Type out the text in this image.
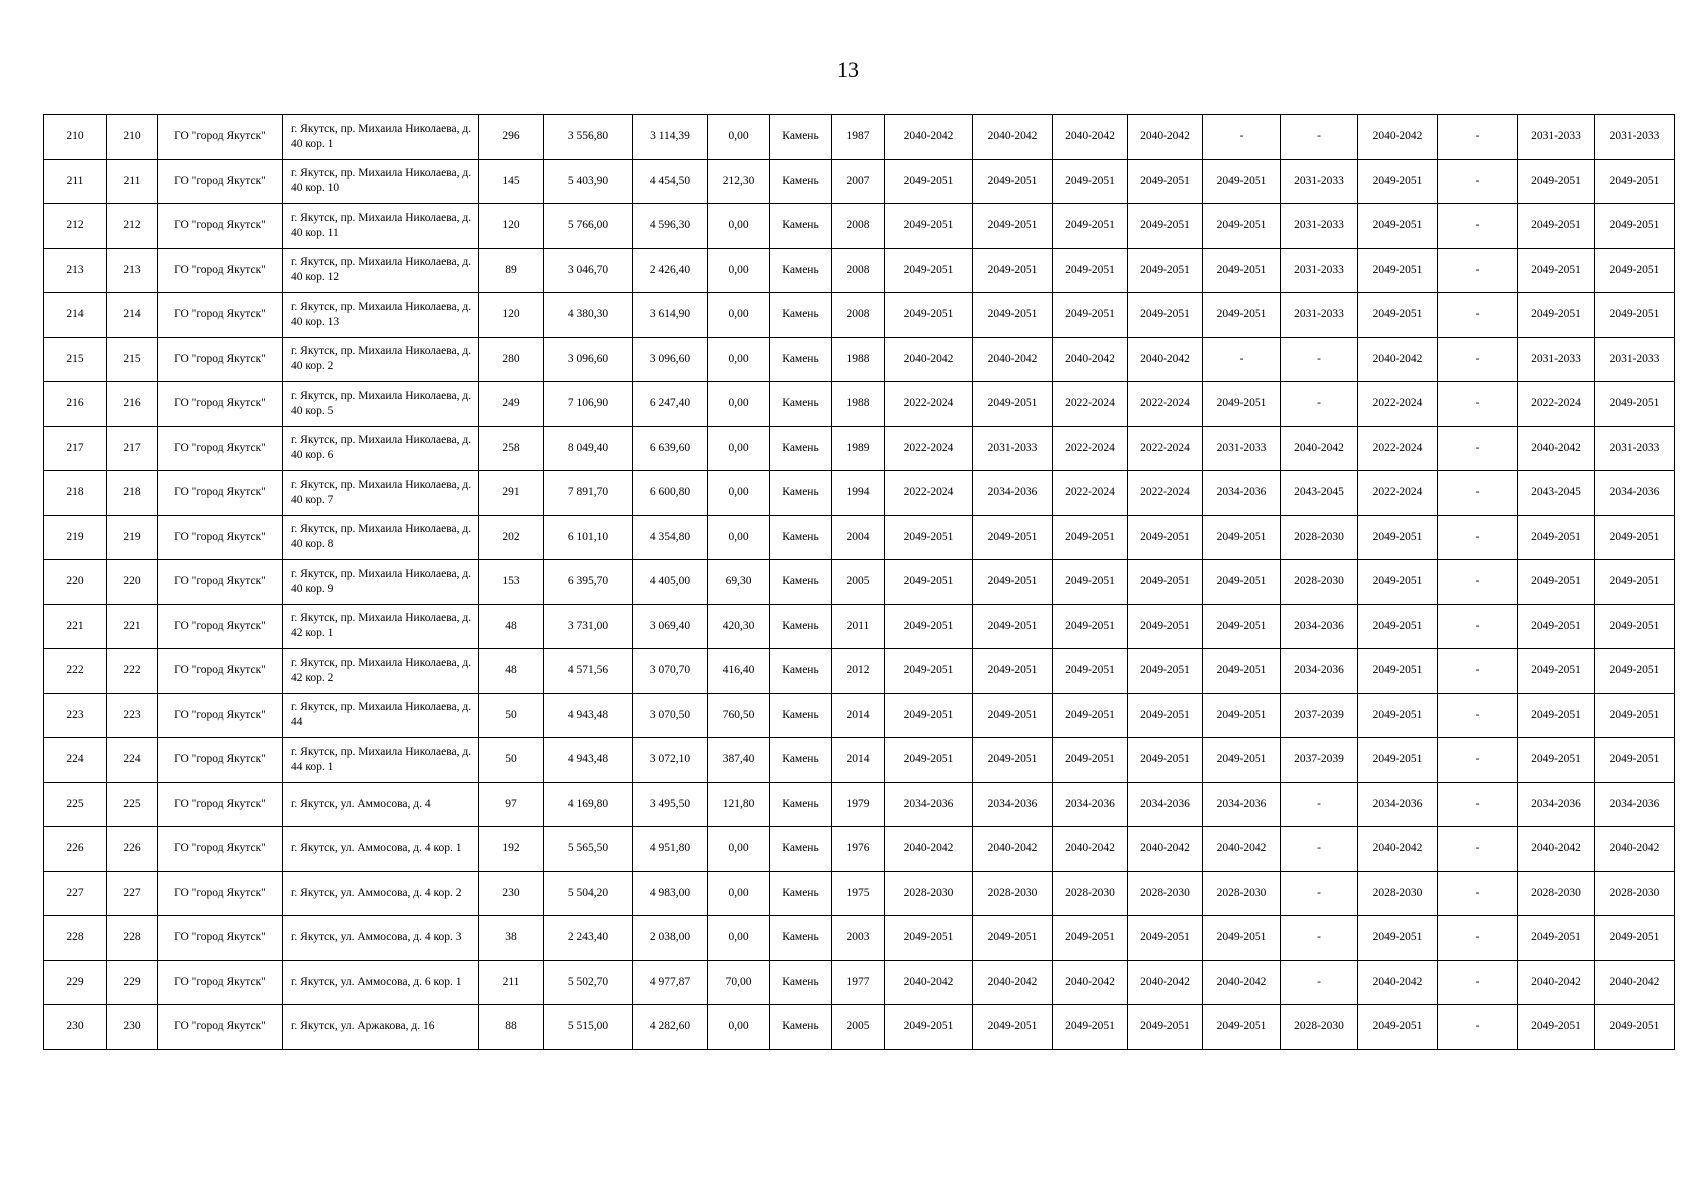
13
210	210	ГО "город Якутск"	г. Якутск, пр. Михаила Николаева, д. 40 кор. 1	296	3 556,80	3 114,39	0,00	Камень	1987	2040-2042	2040-2042	2040-2042	2040-2042	-	-	2040-2042	-	2031-2033	2031-2033
211	211	ГО "город Якутск"	г. Якутск, пр. Михаила Николаева, д. 40 кор. 10	145	5 403,90	4 454,50	212,30	Камень	2007	2049-2051	2049-2051	2049-2051	2049-2051	2049-2051	2031-2033	2049-2051	-	2049-2051	2049-2051
212	212	ГО "город Якутск"	г. Якутск, пр. Михаила Николаева, д. 40 кор. 11	120	5 766,00	4 596,30	0,00	Камень	2008	2049-2051	2049-2051	2049-2051	2049-2051	2049-2051	2031-2033	2049-2051	-	2049-2051	2049-2051
213	213	ГО "город Якутск"	г. Якутск, пр. Михаила Николаева, д. 40 кор. 12	89	3 046,70	2 426,40	0,00	Камень	2008	2049-2051	2049-2051	2049-2051	2049-2051	2049-2051	2031-2033	2049-2051	-	2049-2051	2049-2051
214	214	ГО "город Якутск"	г. Якутск, пр. Михаила Николаева, д. 40 кор. 13	120	4 380,30	3 614,90	0,00	Камень	2008	2049-2051	2049-2051	2049-2051	2049-2051	2049-2051	2031-2033	2049-2051	-	2049-2051	2049-2051
215	215	ГО "город Якутск"	г. Якутск, пр. Михаила Николаева, д. 40 кор. 2	280	3 096,60	3 096,60	0,00	Камень	1988	2040-2042	2040-2042	2040-2042	2040-2042	-	-	2040-2042	-	2031-2033	2031-2033
216	216	ГО "город Якутск"	г. Якутск, пр. Михаила Николаева, д. 40 кор. 5	249	7 106,90	6 247,40	0,00	Камень	1988	2022-2024	2049-2051	2022-2024	2022-2024	2049-2051	-	2022-2024	-	2022-2024	2049-2051
217	217	ГО "город Якутск"	г. Якутск, пр. Михаила Николаева, д. 40 кор. 6	258	8 049,40	6 639,60	0,00	Камень	1989	2022-2024	2031-2033	2022-2024	2022-2024	2031-2033	2040-2042	2022-2024	-	2040-2042	2031-2033
218	218	ГО "город Якутск"	г. Якутск, пр. Михаила Николаева, д. 40 кор. 7	291	7 891,70	6 600,80	0,00	Камень	1994	2022-2024	2034-2036	2022-2024	2022-2024	2034-2036	2043-2045	2022-2024	-	2043-2045	2034-2036
219	219	ГО "город Якутск"	г. Якутск, пр. Михаила Николаева, д. 40 кор. 8	202	6 101,10	4 354,80	0,00	Камень	2004	2049-2051	2049-2051	2049-2051	2049-2051	2049-2051	2028-2030	2049-2051	-	2049-2051	2049-2051
220	220	ГО "город Якутск"	г. Якутск, пр. Михаила Николаева, д. 40 кор. 9	153	6 395,70	4 405,00	69,30	Камень	2005	2049-2051	2049-2051	2049-2051	2049-2051	2049-2051	2028-2030	2049-2051	-	2049-2051	2049-2051
221	221	ГО "город Якутск"	г. Якутск, пр. Михаила Николаева, д. 42 кор. 1	48	3 731,00	3 069,40	420,30	Камень	2011	2049-2051	2049-2051	2049-2051	2049-2051	2049-2051	2034-2036	2049-2051	-	2049-2051	2049-2051
222	222	ГО "город Якутск"	г. Якутск, пр. Михаила Николаева, д. 42 кор. 2	48	4 571,56	3 070,70	416,40	Камень	2012	2049-2051	2049-2051	2049-2051	2049-2051	2049-2051	2034-2036	2049-2051	-	2049-2051	2049-2051
223	223	ГО "город Якутск"	г. Якутск, пр. Михаила Николаева, д. 44	50	4 943,48	3 070,50	760,50	Камень	2014	2049-2051	2049-2051	2049-2051	2049-2051	2049-2051	2037-2039	2049-2051	-	2049-2051	2049-2051
224	224	ГО "город Якутск"	г. Якутск, пр. Михаила Николаева, д. 44 кор. 1	50	4 943,48	3 072,10	387,40	Камень	2014	2049-2051	2049-2051	2049-2051	2049-2051	2049-2051	2037-2039	2049-2051	-	2049-2051	2049-2051
225	225	ГО "город Якутск"	г. Якутск, ул. Аммосова, д. 4	97	4 169,80	3 495,50	121,80	Камень	1979	2034-2036	2034-2036	2034-2036	2034-2036	2034-2036	-	2034-2036	-	2034-2036	2034-2036
226	226	ГО "город Якутск"	г. Якутск, ул. Аммосова, д. 4 кор. 1	192	5 565,50	4 951,80	0,00	Камень	1976	2040-2042	2040-2042	2040-2042	2040-2042	2040-2042	-	2040-2042	-	2040-2042	2040-2042
227	227	ГО "город Якутск"	г. Якутск, ул. Аммосова, д. 4 кор. 2	230	5 504,20	4 983,00	0,00	Камень	1975	2028-2030	2028-2030	2028-2030	2028-2030	2028-2030	-	2028-2030	-	2028-2030	2028-2030
228	228	ГО "город Якутск"	г. Якутск, ул. Аммосова, д. 4 кор. 3	38	2 243,40	2 038,00	0,00	Камень	2003	2049-2051	2049-2051	2049-2051	2049-2051	2049-2051	-	2049-2051	-	2049-2051	2049-2051
229	229	ГО "город Якутск"	г. Якутск, ул. Аммосова, д. 6 кор. 1	211	5 502,70	4 977,87	70,00	Камень	1977	2040-2042	2040-2042	2040-2042	2040-2042	2040-2042	-	2040-2042	-	2040-2042	2040-2042
230	230	ГО "город Якутск"	г. Якутск, ул. Аржакова, д. 16	88	5 515,00	4 282,60	0,00	Камень	2005	2049-2051	2049-2051	2049-2051	2049-2051	2049-2051	2028-2030	2049-2051	-	2049-2051	2049-2051
